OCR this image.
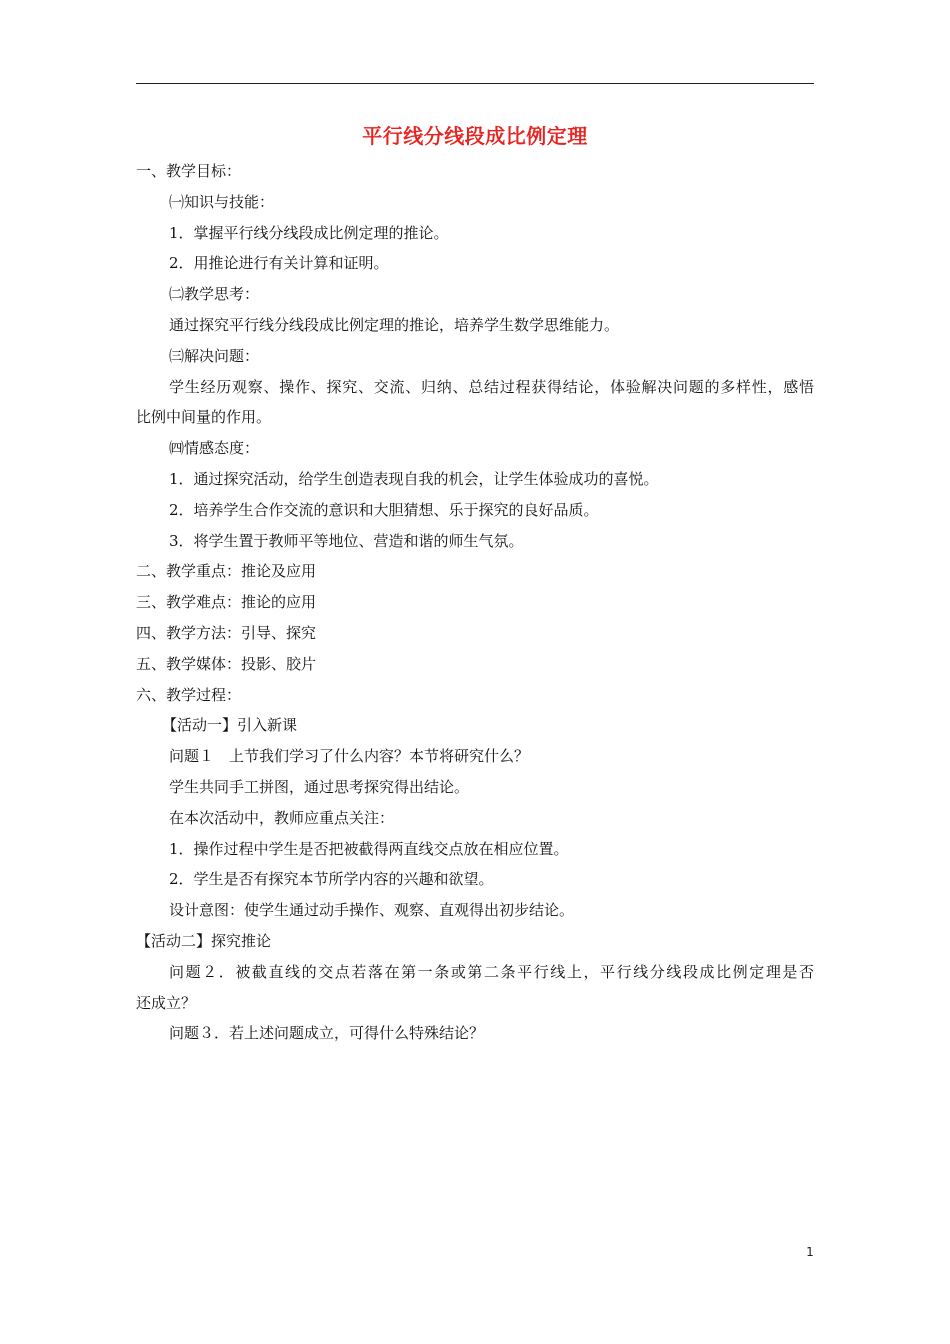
平行线分线段成比例定理
一、教学目标：
㈠知识与技能：
1．掌握平行线分线段成比例定理的推论。
2．用推论进行有关计算和证明。
㈡教学思考：
通过探究平行线分线段成比例定理的推论，培养学生数学思维能力。
㈢解决问题：
学生经历观察、操作、探究、交流、归纳、总结过程获得结论，体验解决问题的多样性，感悟
比例中间量的作用。
㈣情感态度：
1．通过探究活动，给学生创造表现自我的机会，让学生体验成功的喜悦。
2．培养学生合作交流的意识和大胆猜想、乐于探究的良好品质。
3．将学生置于教师平等地位、营造和谐的师生气氛。
二、教学重点：推论及应用
三、教学难点：推论的应用
四、教学方法：引导、探究
五、教学媒体：投影、胶片
六、教学过程：
【活动一】引入新课
问题１　上节我们学习了什么内容？本节将研究什么？
学生共同手工拼图，通过思考探究得出结论。
在本次活动中，教师应重点关注：
1．操作过程中学生是否把被截得两直线交点放在相应位置。
2．学生是否有探究本节所学内容的兴趣和欲望。
设计意图：使学生通过动手操作、观察、直观得出初步结论。
【活动二】探究推论
问题２．被截直线的交点若落在第一条或第二条平行线上，平行线分线段成比例定理是否
还成立？
问题３．若上述问题成立，可得什么特殊结论？
1
